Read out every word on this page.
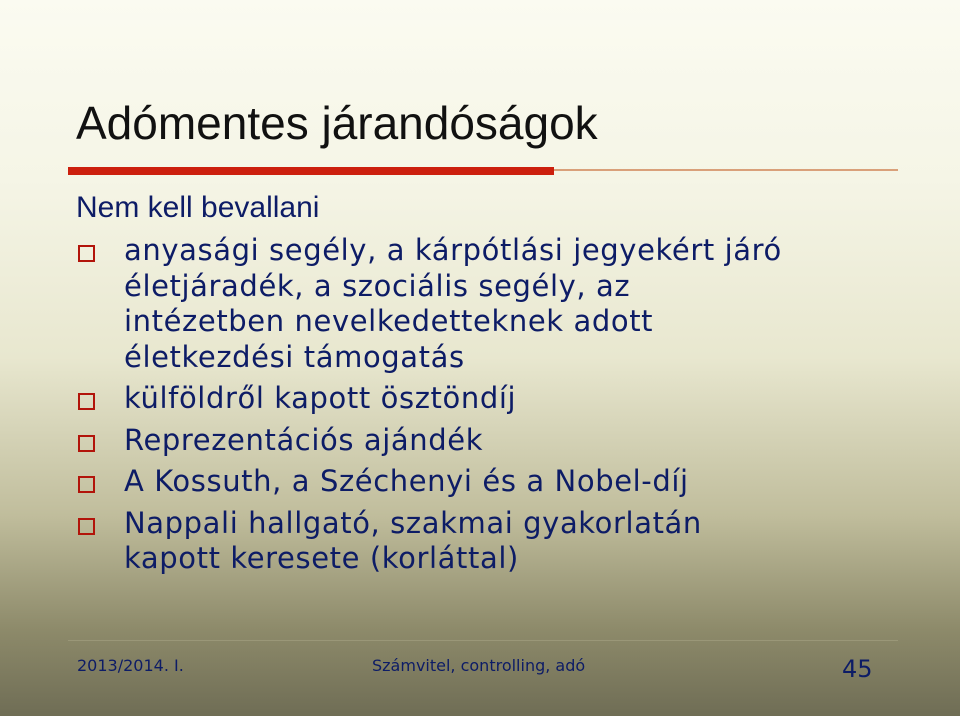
Adómentes járandóságok
Nem kell bevallani
anyasági segély, a kárpótlási jegyekért járó
életjáradék, a szociális segély, az
intézetben nevelkedetteknek adott
életkezdési támogatás
külföldről kapott ösztöndíj
Reprezentációs ajándék
A Kossuth, a Széchenyi és a Nobel-díj
Nappali hallgató, szakmai gyakorlatán
kapott keresete (korláttal)
2013/2014. I.	Számvitel, controlling, adó	45
